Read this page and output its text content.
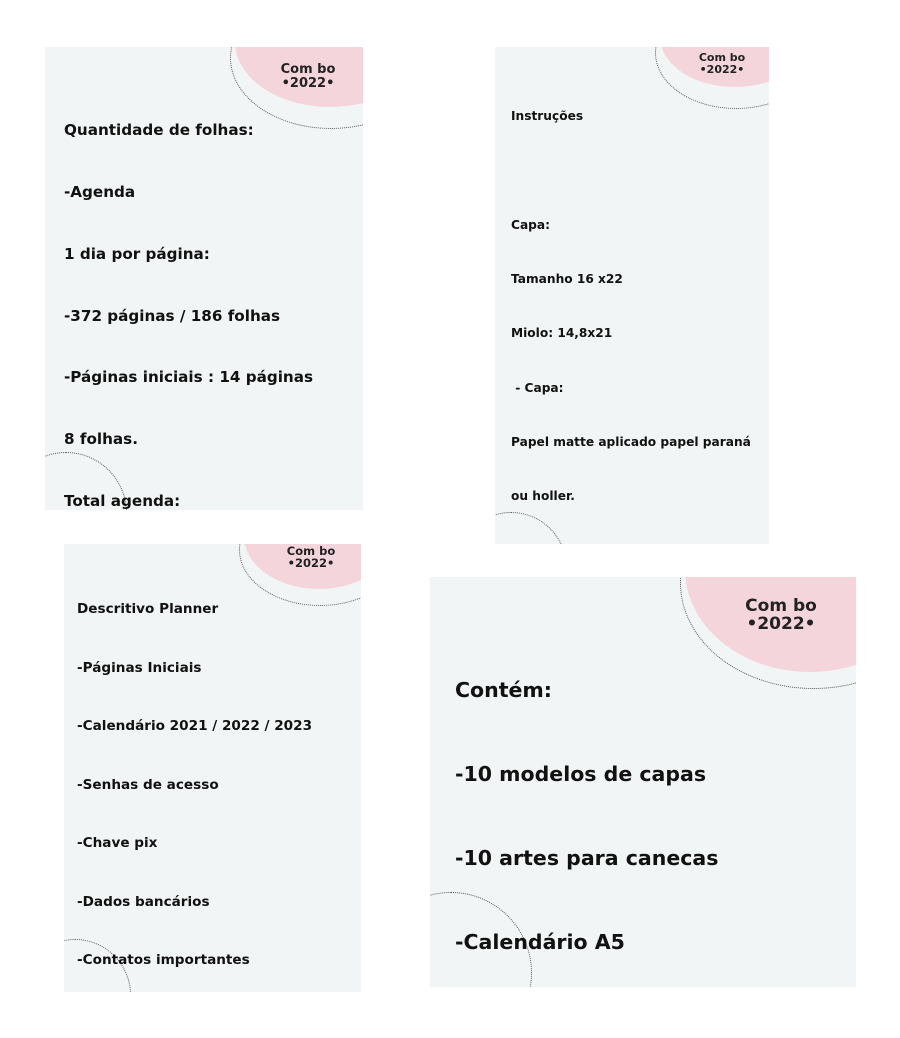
Com bo
•2022•

Quantidade de folhas:

-Agenda

1 dia por página:

-372 páginas / 186 folhas

-Páginas iniciais : 14 páginas

8 folhas.

Total agenda:

Com bo
•2022•

Instruções

Capa:

Tamanho 16 x22

Miolo: 14,8x21

- Capa:

Papel matte aplicado papel paraná

ou holler.

Com bo
•2022•

Descritivo Planner

-Páginas Iniciais

-Calendário 2021 / 2022 / 2023

-Senhas de acesso

-Chave pix

-Dados bancários

-Contatos importantes

Com bo
•2022•

Contém:

-10 modelos de capas

-10 artes para canecas

-Calendário A5
